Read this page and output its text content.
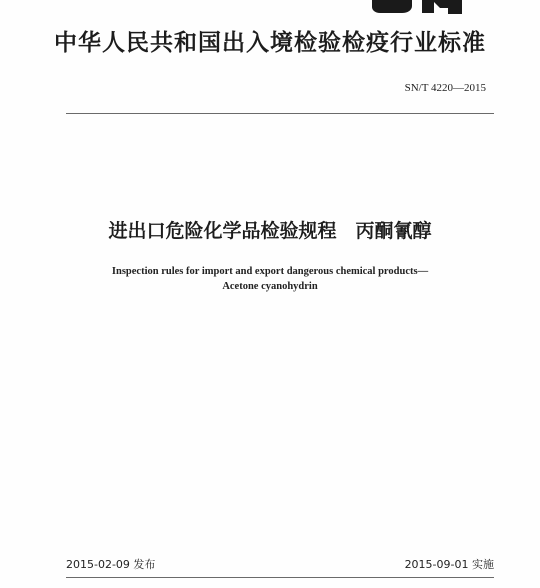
中华人民共和国出入境检验检疫行业标准
SN/T 4220—2015
进出口危险化学品检验规程　丙酮氰醇
Inspection rules for import and export dangerous chemical products—
Acetone cyanohydrin
2015-02-09 发布	2015-09-01 实施
